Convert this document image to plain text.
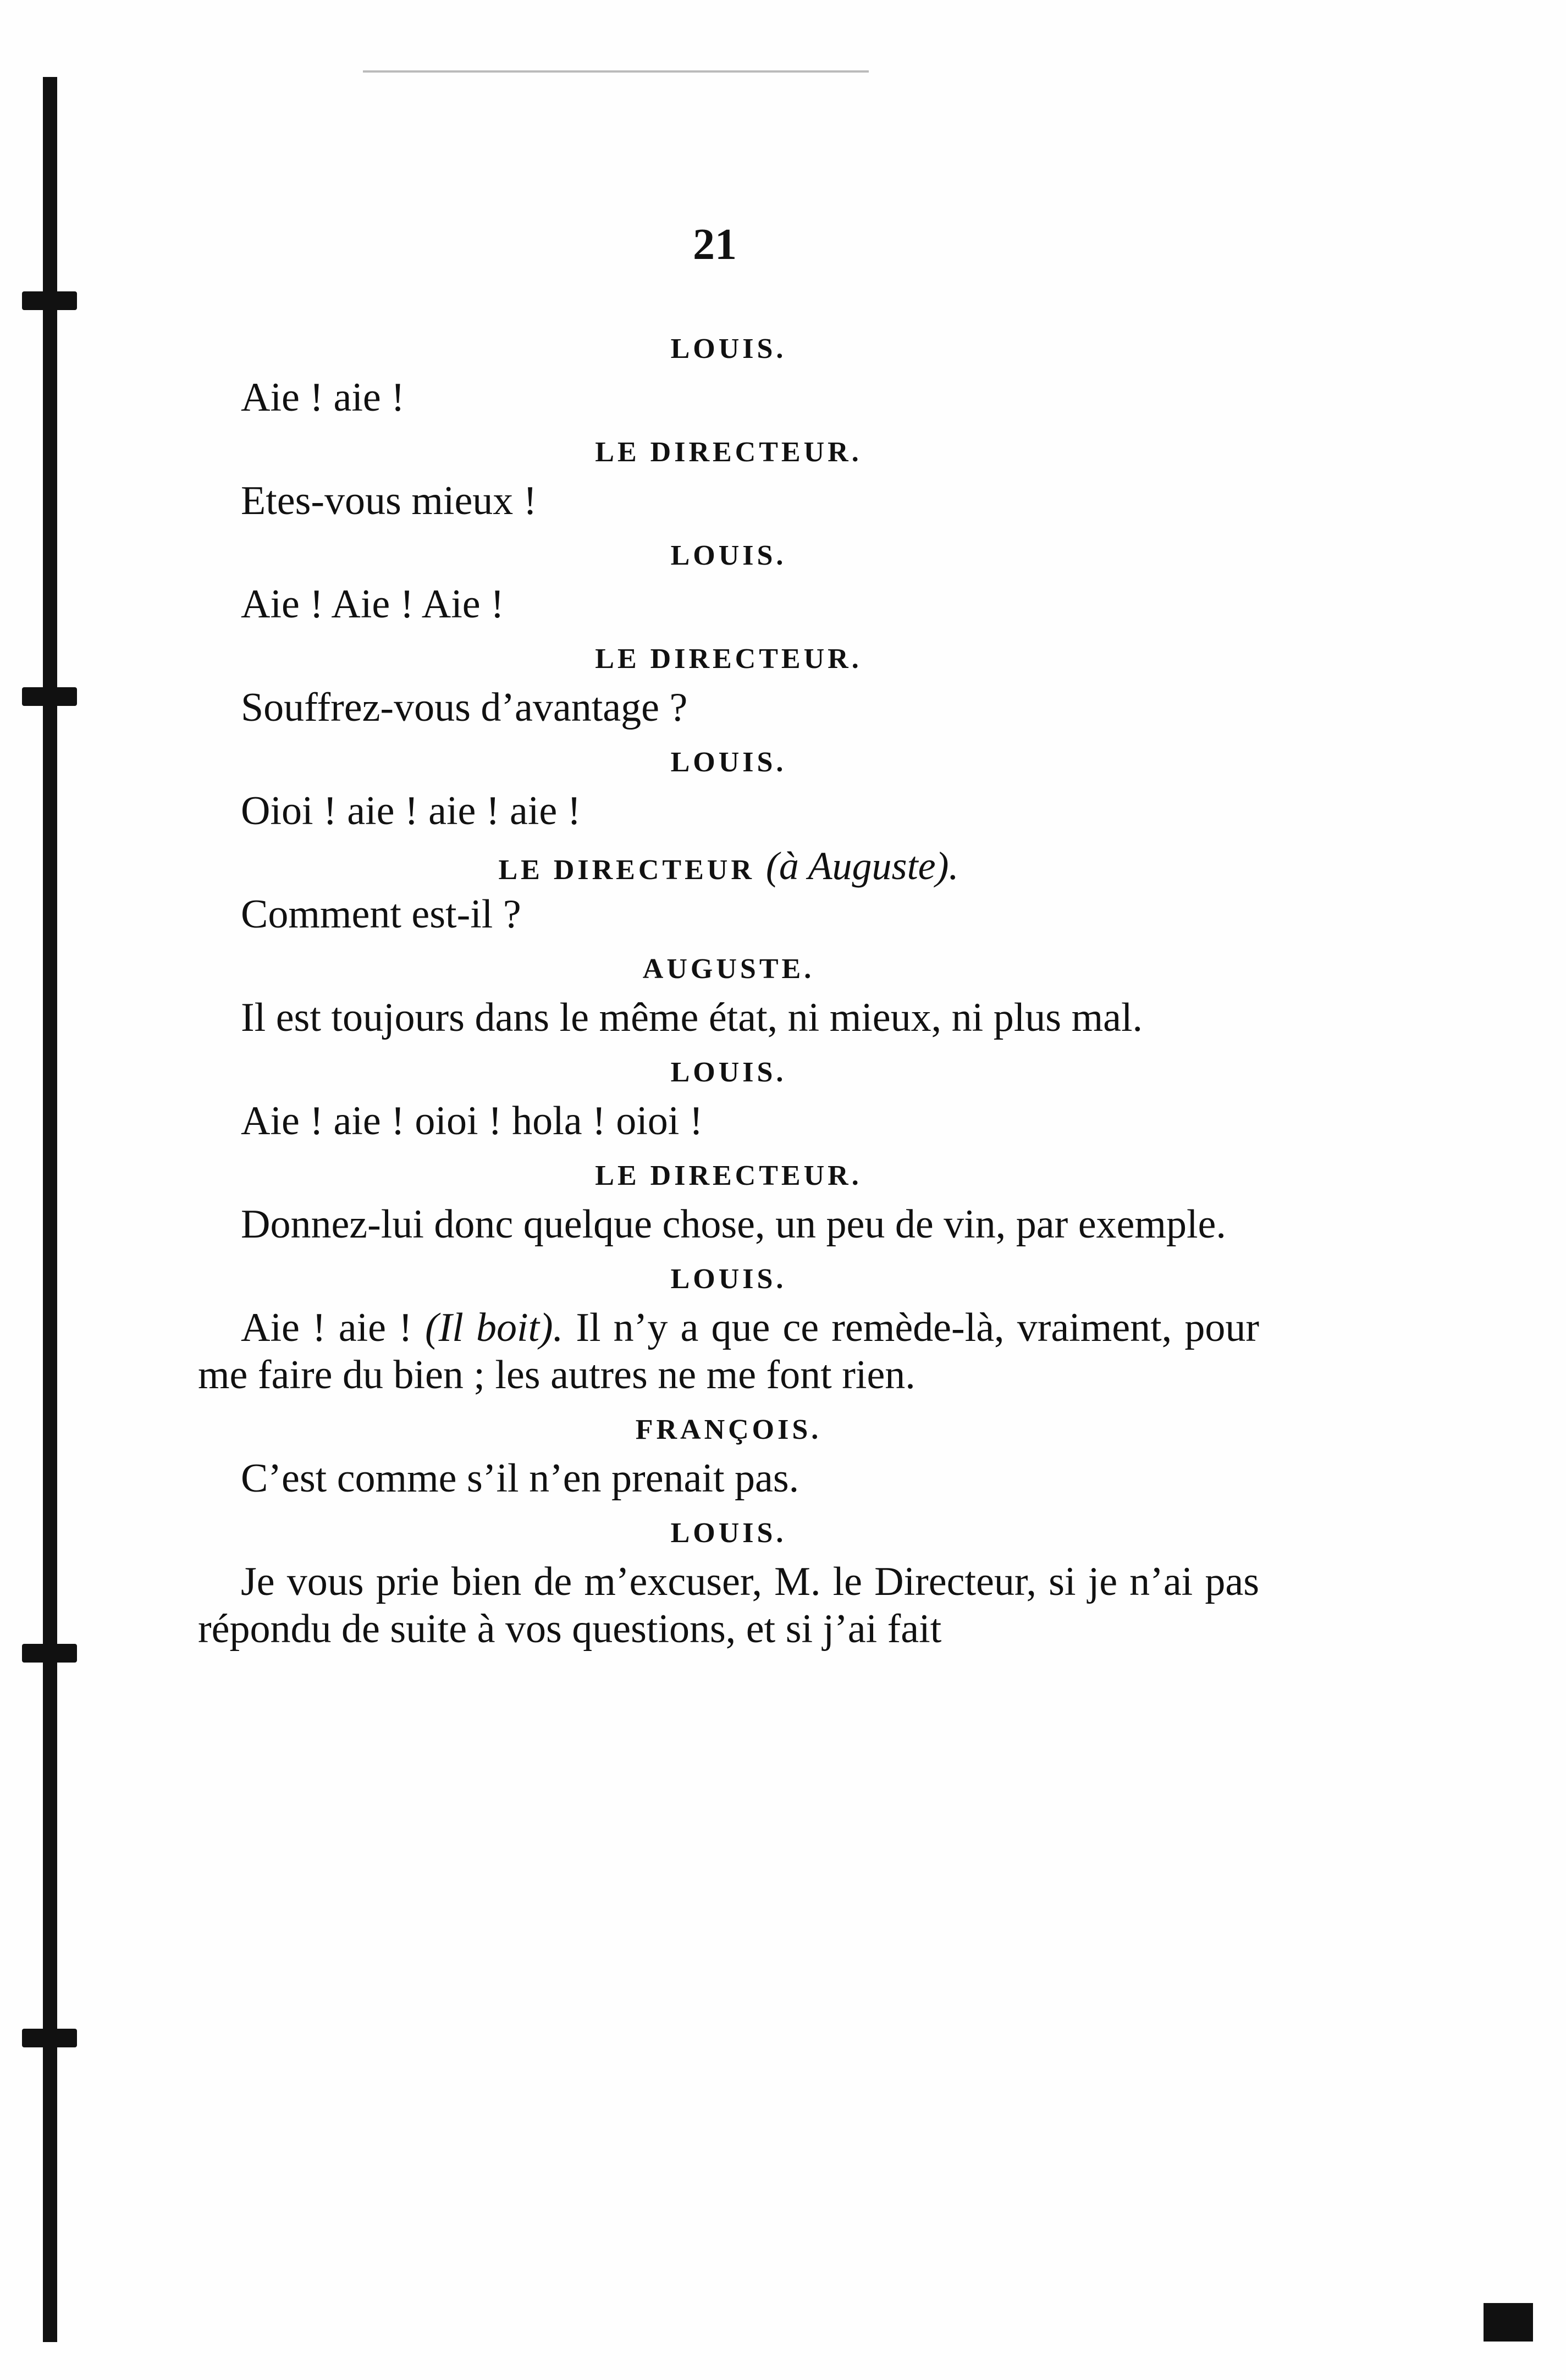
21

LOUIS.

Aie ! aie !

LE DIRECTEUR.

Etes-vous mieux !

LOUIS.

Aie ! Aie ! Aie !

LE DIRECTEUR.

Souffrez-vous d’avantage ?

LOUIS.

Oioi ! aie ! aie ! aie !

LE DIRECTEUR (à Auguste).

Comment est-il ?

AUGUSTE.

Il est toujours dans le même état, ni mieux, ni plus mal.

LOUIS.

Aie ! aie ! oioi ! hola ! oioi !

LE DIRECTEUR.

Donnez-lui donc quelque chose, un peu de vin, par exemple.

LOUIS.

Aie ! aie ! (Il boit). Il n’y a que ce remède-là, vraiment, pour me faire du bien ; les autres ne me font rien.

FRANÇOIS.

C’est comme s’il n’en prenait pas.

LOUIS.

Je vous prie bien de m’excuser, M. le Directeur, si je n’ai pas répondu de suite à vos questions, et si j’ai fait
